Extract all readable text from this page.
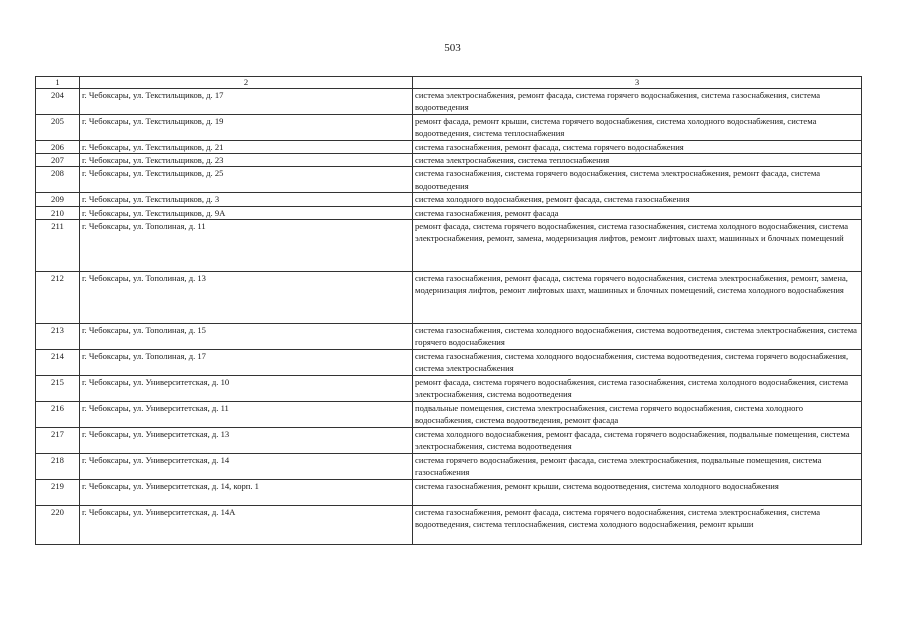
503
1	2	3
204	г. Чебоксары, ул. Текстильщиков, д. 17	система электроснабжения, ремонт фасада, система горячего водоснабжения, система газоснабжения, система водоотведения
205	г. Чебоксары, ул. Текстильщиков, д. 19	ремонт фасада, ремонт крыши, система горячего водоснабжения, система холодного водоснабжения, система водоотведения, система теплоснабжения
206	г. Чебоксары, ул. Текстильщиков, д. 21	система газоснабжения, ремонт фасада, система горячего водоснабжения
207	г. Чебоксары, ул. Текстильщиков, д. 23	система электроснабжения, система теплоснабжения
208	г. Чебоксары, ул. Текстильщиков, д. 25	система газоснабжения, система горячего водоснабжения, система электроснабжения, ремонт фасада, система водоотведения
209	г. Чебоксары, ул. Текстильщиков, д. 3	система холодного водоснабжения, ремонт фасада, система газоснабжения
210	г. Чебоксары, ул. Текстильщиков, д. 9А	система газоснабжения, ремонт фасада
211	г. Чебоксары, ул. Тополиная, д. 11	ремонт фасада, система горячего водоснабжения, система газоснабжения, система холодного водоснабжения, система электроснабжения, ремонт, замена, модернизация лифтов, ремонт лифтовых шахт, машинных и блочных помещений
212	г. Чебоксары, ул. Тополиная, д. 13	система газоснабжения, ремонт фасада, система горячего водоснабжения, система электроснабжения, ремонт, замена, модернизация лифтов, ремонт лифтовых шахт, машинных и блочных помещений, система холодного водоснабжения
213	г. Чебоксары, ул. Тополиная, д. 15	система газоснабжения, система холодного водоснабжения, система водоотведения, система электроснабжения, система горячего водоснабжения
214	г. Чебоксары, ул. Тополиная, д. 17	система газоснабжения, система холодного водоснабжения, система водоотведения, система горячего водоснабжения, система электроснабжения
215	г. Чебоксары, ул. Университетская, д. 10	ремонт фасада, система горячего водоснабжения, система газоснабжения, система холодного водоснабжения, система электроснабжения, система водоотведения
216	г. Чебоксары, ул. Университетская, д. 11	подвальные помещения, система электроснабжения, система горячего водоснабжения, система холодного водоснабжения, система водоотведения, ремонт фасада
217	г. Чебоксары, ул. Университетская, д. 13	система холодного водоснабжения, ремонт фасада, система горячего водоснабжения, подвальные помещения, система электроснабжения, система водоотведения
218	г. Чебоксары, ул. Университетская, д. 14	система горячего водоснабжения, ремонт фасада, система электроснабжения, подвальные помещения, система газоснабжения
219	г. Чебоксары, ул. Университетская, д. 14, корп. 1	система газоснабжения, ремонт крыши, система водоотведения, система холодного водоснабжения
220	г. Чебоксары, ул. Университетская, д. 14А	система газоснабжения, ремонт фасада, система горячего водоснабжения, система электроснабжения, система водоотведения, система теплоснабжения, система холодного водоснабжения, ремонт крыши
